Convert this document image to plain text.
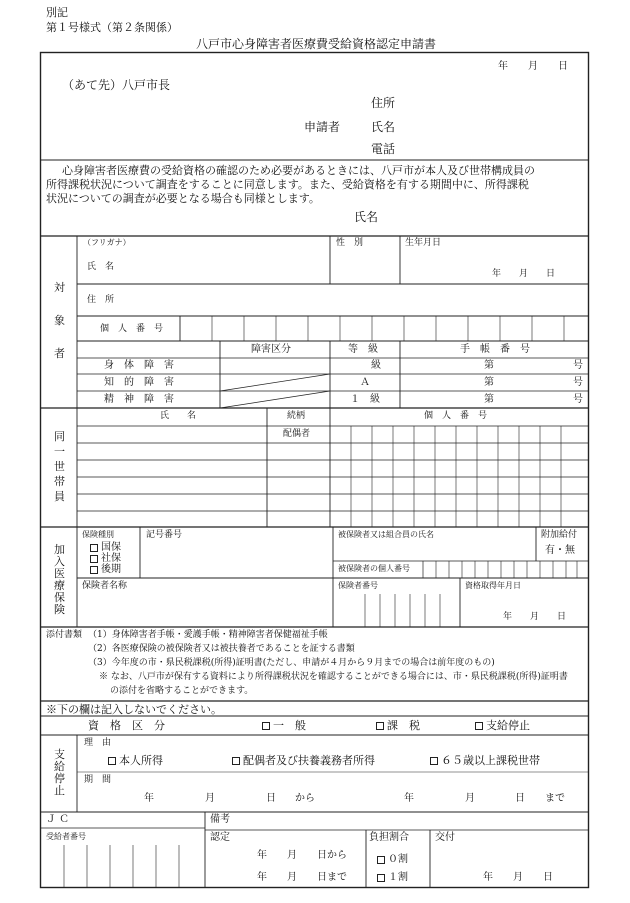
別記
第１号様式（第２条関係）
八戸市心身障害者医療費受給資格認定申請書
年　　月　　日
（あて先）八戸市長
住所
申請者	氏名
電話
心身障害者医療費の受給資格の確認のため必要があるときには、八戸市が本人及び世帯構成員の
所得課税状況について調査をすることに同意します。また、受給資格を有する期間中に、所得課税
状況についての調査が必要となる場合も同様とします。
氏名
対
象
者
（フリガナ）
氏　名
性　別	生年月日
年　　月　　日
住　所
個　人　番　号
障害区分	等　級	手　帳　番　号
身　体　障　害	級	第	号
知　的　障　害	Ａ	第	号
精　神　障　害	１　級	第	号
同
一
世
帯
員
氏　　名	続柄	個　人　番　号
配偶者
加
入
医
療
保
険
保険種別
国保
社保
後期
記号番号	被保険者又は組合員の氏名	附加給付
有・無
被保険者の個人番号
保険者名称	保険者番号	資格取得年月日
年　　月　　日
添付書類 （1）身体障害者手帳・愛護手帳・精神障害者保健福祉手帳
（2）各医療保険の被保険者又は被扶養者であることを証する書類
（3）今年度の市・県民税課税(所得)証明書(ただし、申請が４月から９月までの場合は前年度のもの)
※ なお、八戸市が保有する資料により所得課税状況を確認することができる場合には、市・県民税課税(所得)証明書
の添付を省略することができます。
※下の欄は記入しないでください。
資　格　区　分	一　般	課　税	支給停止
支
給
停
止
理　由
本人所得	配偶者及び扶養義務者所得	６５歳以上課税世帯
期　間
年	月	日 から	年	月	日 まで
Ｊ Ｃ	備考
受給者番号	認定
年　　月　　日から
年　　月　　日まで
負担割合
０割
１割
交付
年　　月　　日
